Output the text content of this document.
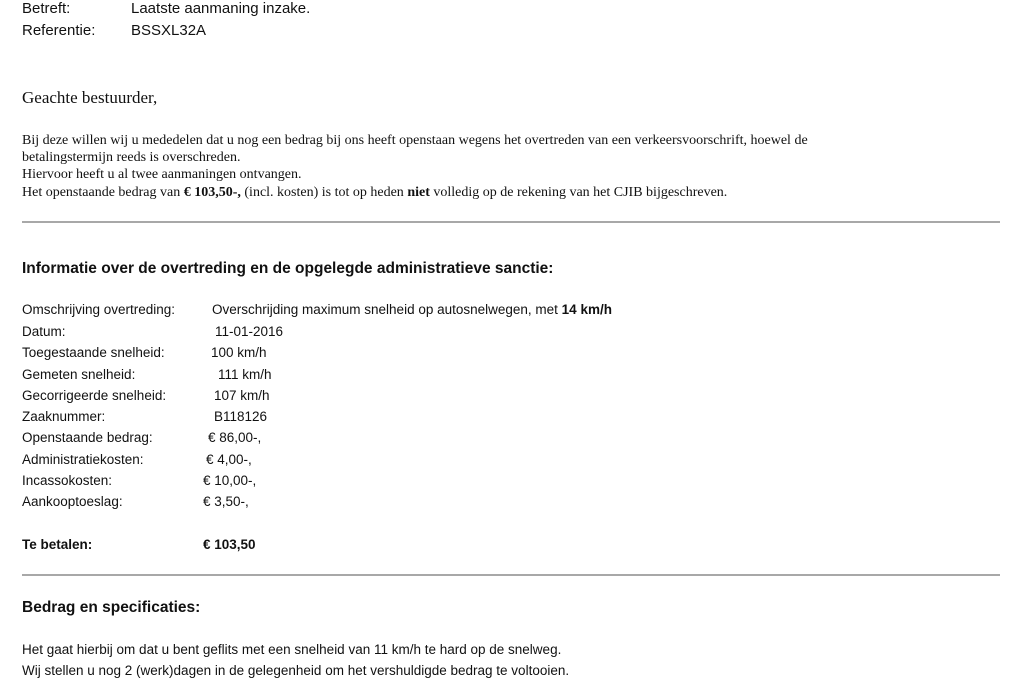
Betreft:	Laatste aanmaning inzake.
Referentie: BSSXL32A
Geachte bestuurder,
Bij deze willen wij u mededelen dat u nog een bedrag bij ons heeft openstaan wegens het overtreden van een verkeersvoorschrift, hoewel de
betalingstermijn reeds is overschreden.
Hiervoor heeft u al twee aanmaningen ontvangen.
Het openstaande bedrag van € 103,50-, (incl. kosten) is tot op heden niet volledig op de rekening van het CJIB bijgeschreven.
Informatie over de overtreding en de opgelegde administratieve sanctie:
Omschrijving overtreding:	Overschrijding maximum snelheid op autosnelwegen, met 14 km/h
Datum:	11-01-2016
Toegestaande snelheid:	100 km/h
Gemeten snelheid:	111 km/h
Gecorrigeerde snelheid:	107 km/h
Zaaknummer:	B118126
Openstaande bedrag:	€ 86,00-,
Administratiekosten:	€ 4,00-,
Incassokosten:	€ 10,00-,
Aankooptoeslag:	€ 3,50-,
Te betalen:	€ 103,50
Bedrag en specificaties:
Het gaat hierbij om dat u bent geflits met een snelheid van 11 km/h te hard op de snelweg.
Wij stellen u nog 2 (werk)dagen in de gelegenheid om het vershuldigde bedrag te voltooien.
